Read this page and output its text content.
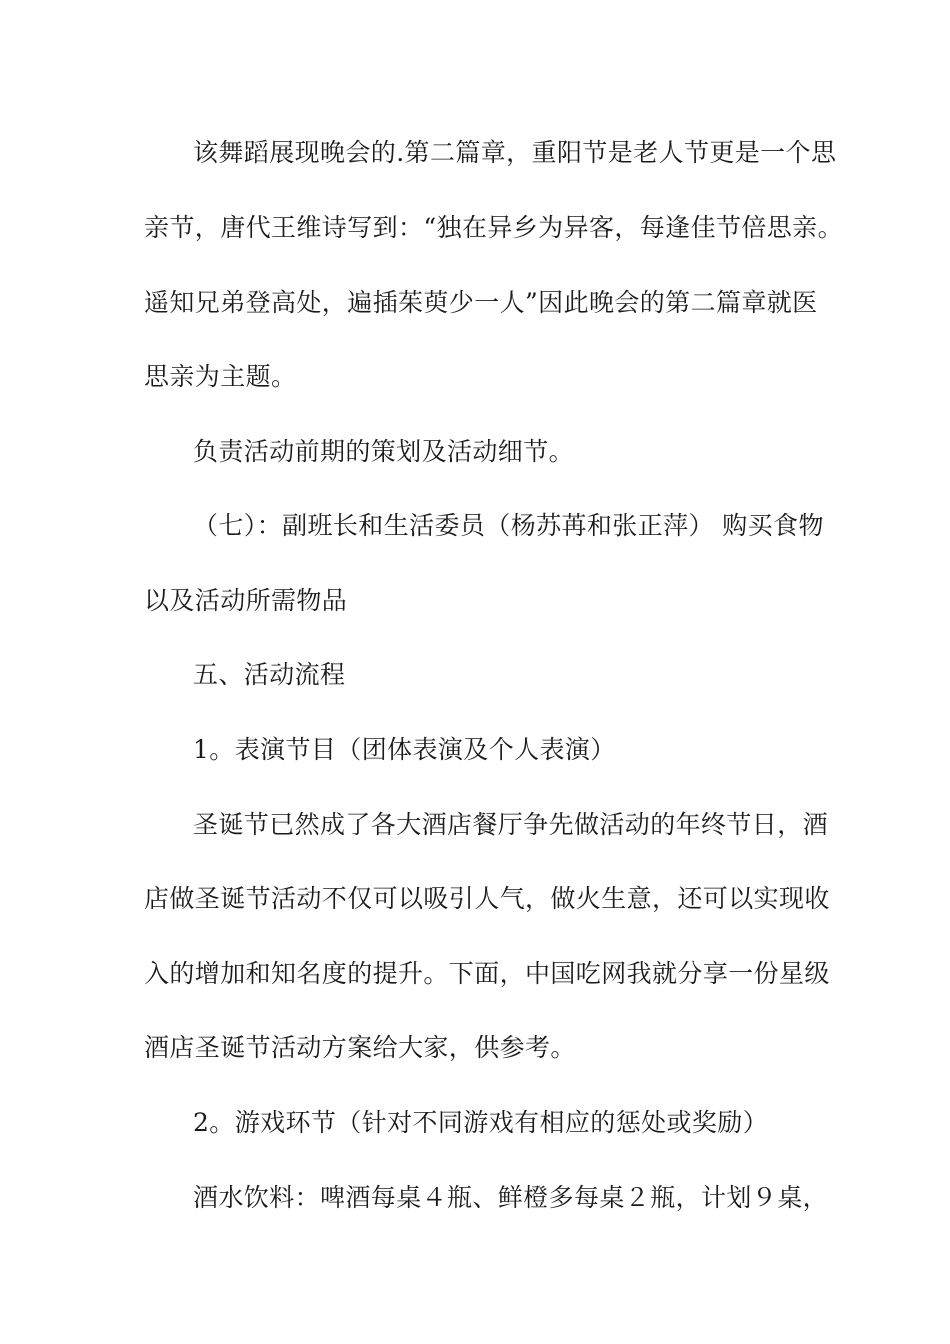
该舞蹈展现晚会的.第二篇章，重阳节是老人节更是一个思
亲节，唐代王维诗写到：“独在异乡为异客，每逢佳节倍思亲。
遥知兄弟登高处，遍插茱萸少一人”因此晚会的第二篇章就医
思亲为主题。
负责活动前期的策划及活动细节。
（七）：副班长和生活委员（杨苏苒和张正萍） 购买食物
以及活动所需物品
五、活动流程
1。表演节目（团体表演及个人表演）
圣诞节已然成了各大酒店餐厅争先做活动的年终节日，酒
店做圣诞节活动不仅可以吸引人气，做火生意，还可以实现收
入的增加和知名度的提升。下面，中国吃网我就分享一份星级
酒店圣诞节活动方案给大家，供参考。
2。游戏环节（针对不同游戏有相应的惩处或奖励）
酒水饮料：啤酒每桌４瓶、鲜橙多每桌２瓶，计划９桌，
